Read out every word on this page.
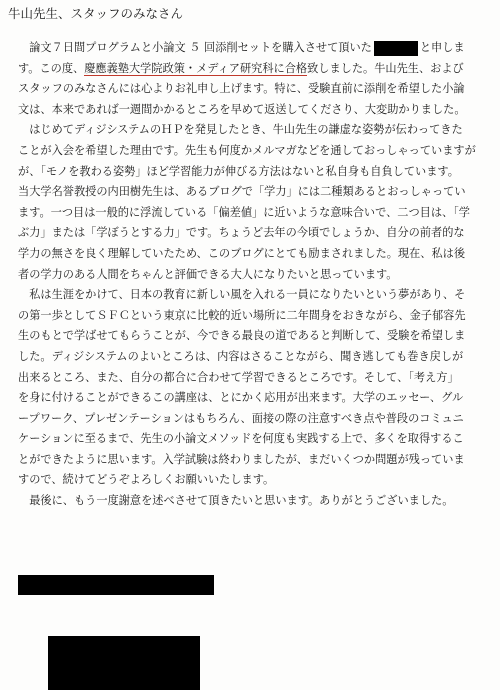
牛山先生、スタッフのみなさん
　論文７日間プログラムと小論文 ５ 回添削セットを購入させて頂いた	と申しま
す。この度、慶應義塾大学院政策・メディア研究科に合格致しました。牛山先生、および
スタッフのみなさんには心よりお礼申し上げます。特に、受験直前に添削を希望した小論
文は、本来であれば一週間かかるところを早めて返送してくださり、大変助かりました。
　はじめてディジシステムのＨＰを発見したとき、牛山先生の謙虚な姿勢が伝わってきた
ことが入会を希望した理由です。先生も何度かメルマガなどを通しておっしゃっていますが
が、「モノを教わる姿勢」ほど学習能力が伸びる方法はないと私自身も自負しています。
当大学名誉教授の内田樹先生は、あるブログで「学力」には二種類あるとおっしゃってい
ます。一つ目は一般的に浮流している「偏差値」に近いような意味合いで、二つ目は、「学
ぶ力」または「学ぼうとする力」です。ちょうど去年の今頃でしょうか、自分の前者的な
学力の無さを良く理解していたため、このブログにとても励まされました。現在、私は後
者の学力のある人間をちゃんと評価できる大人になりたいと思っています。
　私は生涯をかけて、日本の教育に新しい風を入れる一員になりたいという夢があり、そ
の第一歩としてＳＦＣという東京に比較的近い場所に二年間身をおきながら、金子郁容先
生のもとで学ばせてもらうことが、今できる最良の道であると判断して、受験を希望しま
した。ディジシステムのよいところは、内容はさることながら、聞き逃しても巻き戻しが
出来るところ、また、自分の都合に合わせて学習できるところです。そして、「考え方」
を身に付けることができるこの講座は、とにかく応用が出来ます。大学のエッセー、グル
ープワーク、プレゼンテーションはもちろん、面接の際の注意すべき点や普段のコミュニ
ケーションに至るまで、先生の小論文メソッドを何度も実践する上で、多くを取得するこ
とができたように思います。入学試験は終わりましたが、まだいくつか問題が残っていま
すので、続けてどうぞよろしくお願いいたします。
　最後に、もう一度謝意を述べさせて頂きたいと思います。ありがとうございました。
